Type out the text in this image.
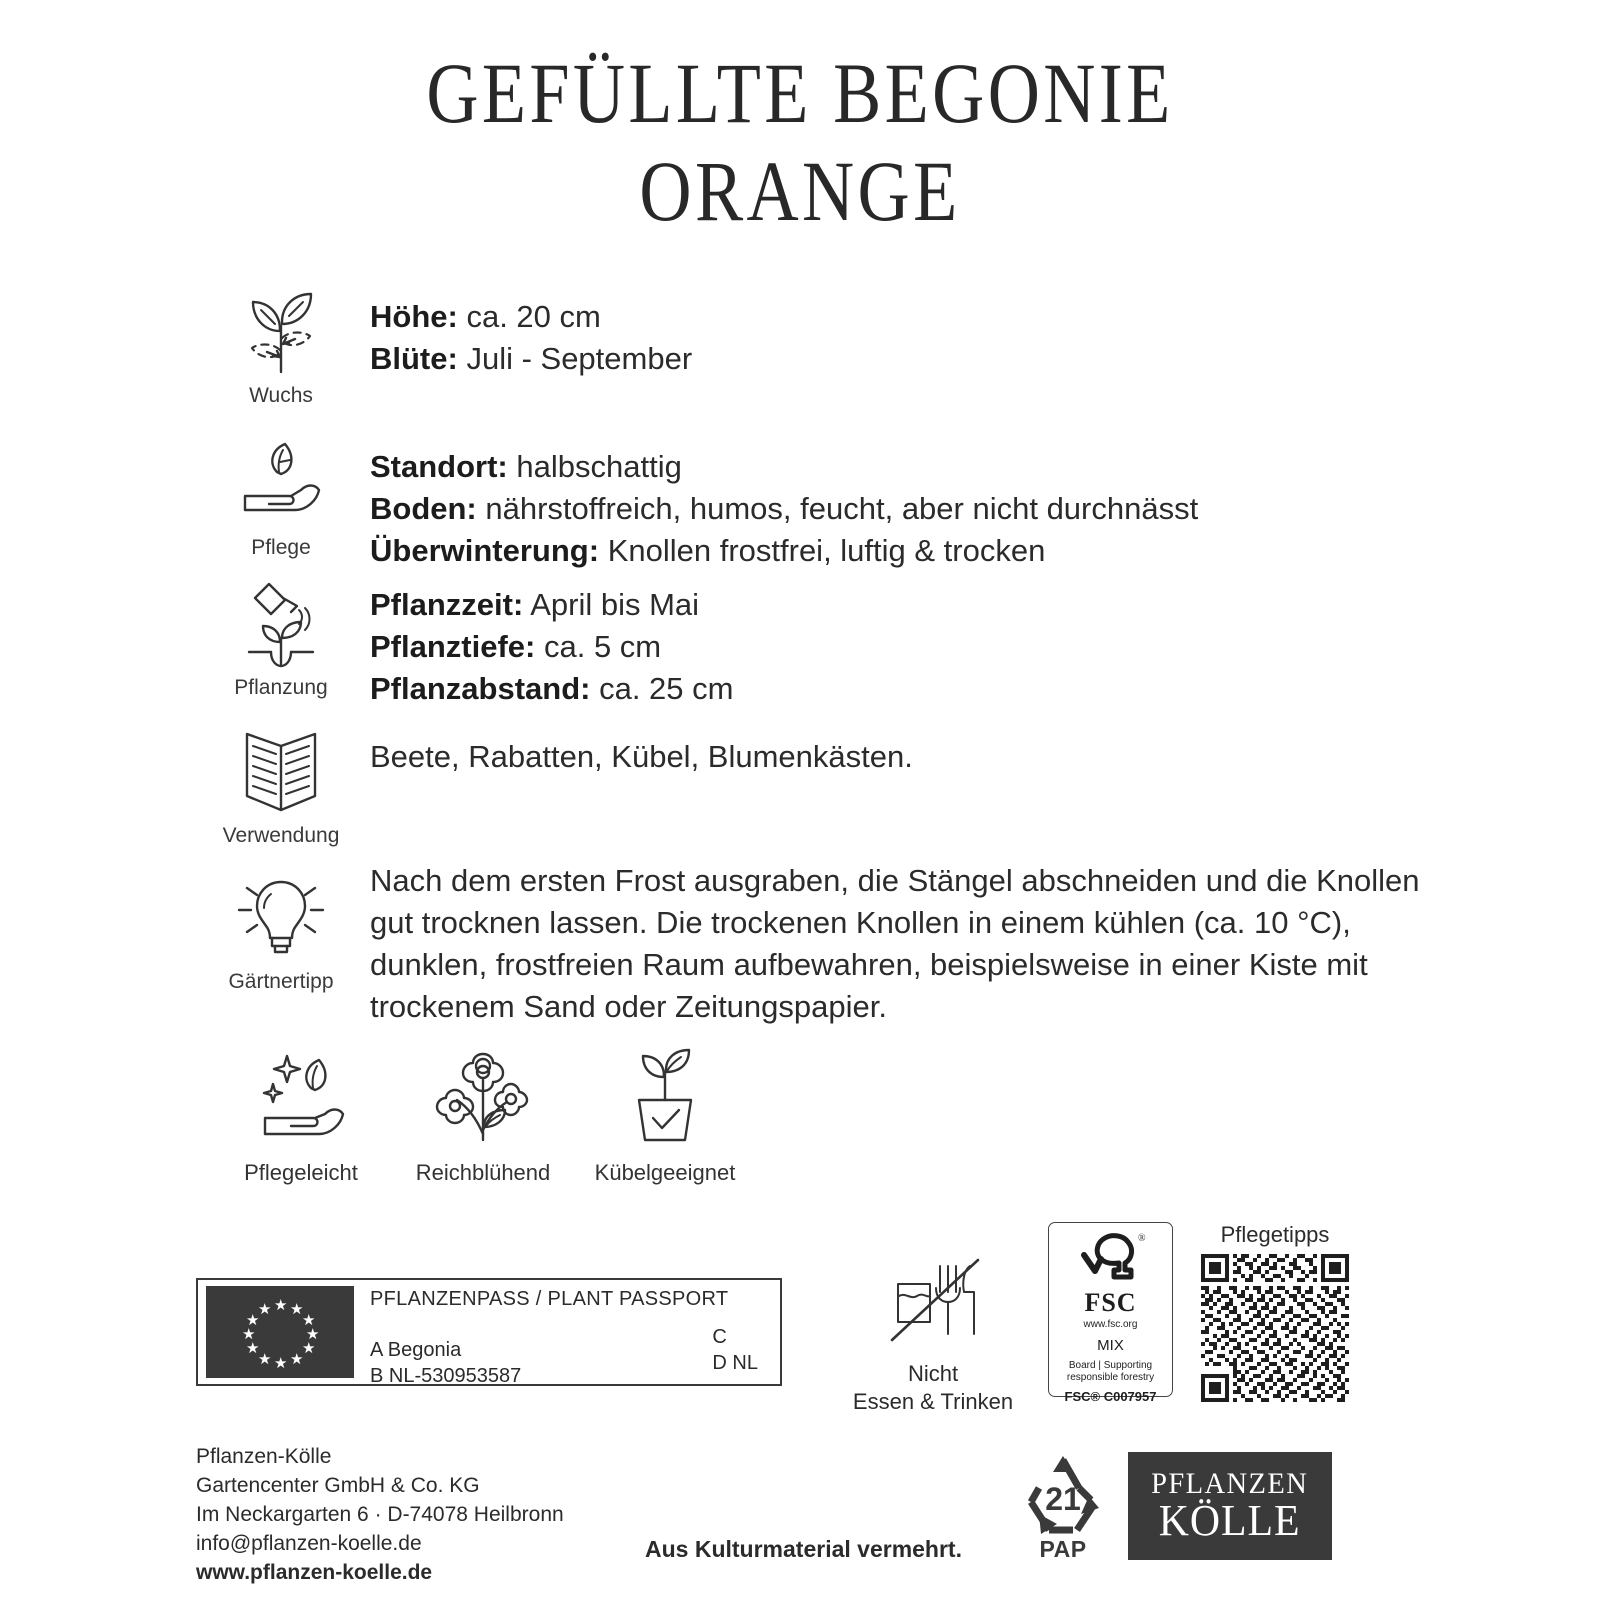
GEFÜLLTE BEGONIE
ORANGE
Wuchs
Höhe: ca. 20 cm
Blüte: Juli - September
Pflege
Standort: halbschattig
Boden: nährstoffreich, humos, feucht, aber nicht durchnässt
Überwinterung: Knollen frostfrei, luftig & trocken
Pflanzung
Pflanzzeit: April bis Mai
Pflanztiefe: ca. 5 cm
Pflanzabstand: ca. 25 cm
Verwendung
Beete, Rabatten, Kübel, Blumenkästen.
Gärtnertipp
Nach dem ersten Frost ausgraben, die Stängel abschneiden und die Knollen gut trocknen lassen. Die trockenen Knollen in einem kühlen (ca. 10 °C), dunklen, frostfreien Raum aufbewahren, beispielsweise in einer Kiste mit trockenem Sand oder Zeitungspapier.
Pflegeleicht	Reichblühend Kübelgeeignet
★ ★
★
★
★
★
★
★
★
★
★
★	PFLANZENPASS / PLANT PASSPORT
A Begonia
B NL-530953587
C
D NL
Pflanzen-Kölle
Gartencenter GmbH & Co. KG
Im Neckargarten 6 · D-74078 Heilbronn
info@pflanzen-koelle.de
www.pflanzen-koelle.de
Aus Kulturmaterial vermehrt.
Nicht
Essen & Trinken
®
FSC
www.fsc.org
MIX
Board | Supporting
responsible forestry
FSC® C007957
Pflegetipps
21
PAP
PFLANZEN
KÖLLE
